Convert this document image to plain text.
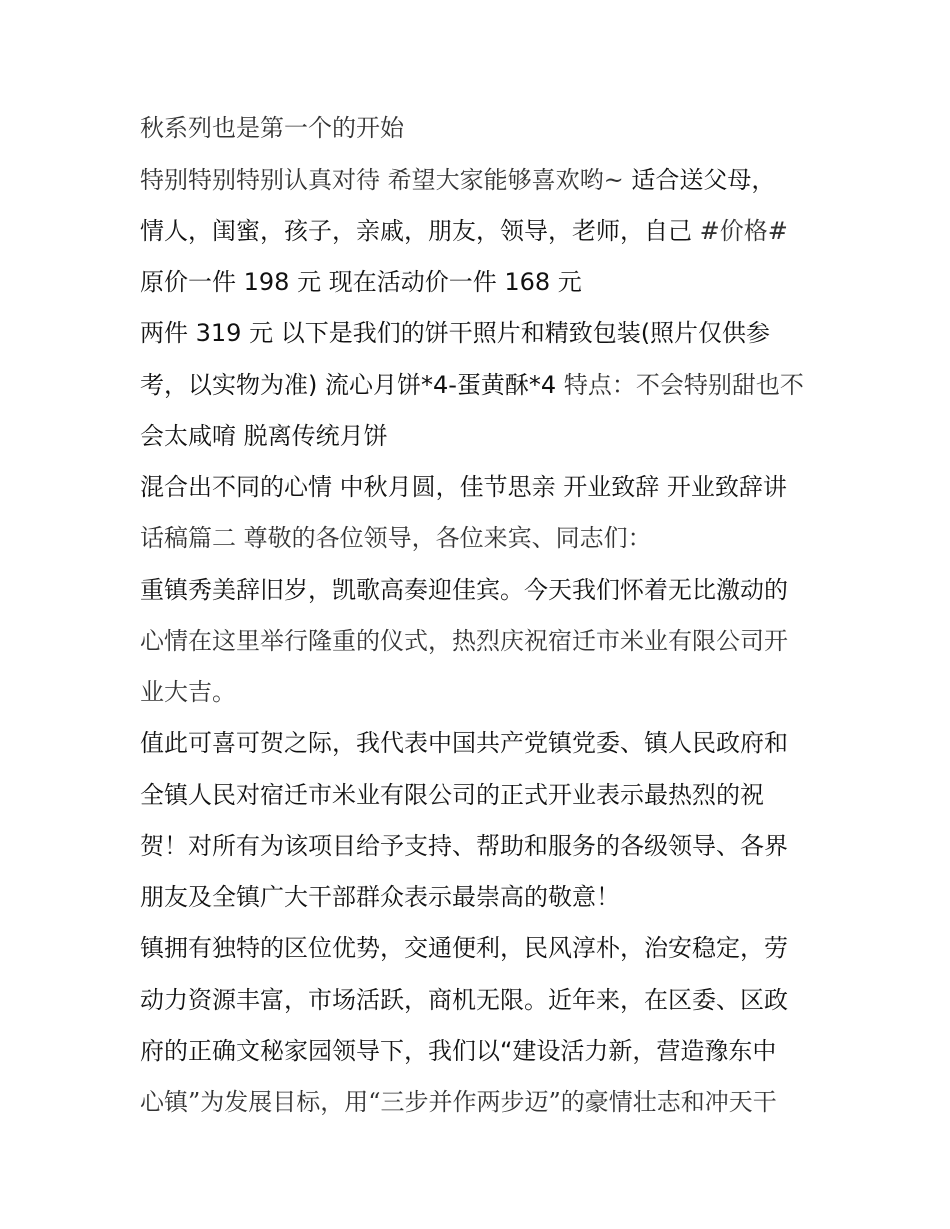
秋系列也是第一个的开始
特别特别特别认真对待 希望大家能够喜欢哟~ 适合送父母，
情人，闺蜜，孩子，亲戚，朋友，领导，老师，自己 #价格#
原价一件 198 元 现在活动价一件 168 元
两件 319 元 以下是我们的饼干照片和精致包装(照片仅供参
考，以实物为准) 流心月饼*4-蛋黄酥*4 特点：不会特别甜也不
会太咸唷 脱离传统月饼
混合出不同的心情 中秋月圆，佳节思亲 开业致辞 开业致辞讲
话稿篇二 尊敬的各位领导，各位来宾、同志们：
重镇秀美辞旧岁，凯歌高奏迎佳宾。今天我们怀着无比激动的
心情在这里举行隆重的仪式，热烈庆祝宿迁市米业有限公司开
业大吉。
值此可喜可贺之际，我代表中国共产党镇党委、镇人民政府和
全镇人民对宿迁市米业有限公司的正式开业表示最热烈的祝
贺！对所有为该项目给予支持、帮助和服务的各级领导、各界
朋友及全镇广大干部群众表示最崇高的敬意！
镇拥有独特的区位优势，交通便利，民风淳朴，治安稳定，劳
动力资源丰富，市场活跃，商机无限。近年来，在区委、区政
府的正确文秘家园领导下，我们以“建设活力新，营造豫东中
心镇”为发展目标，用“三步并作两步迈”的豪情壮志和冲天干
